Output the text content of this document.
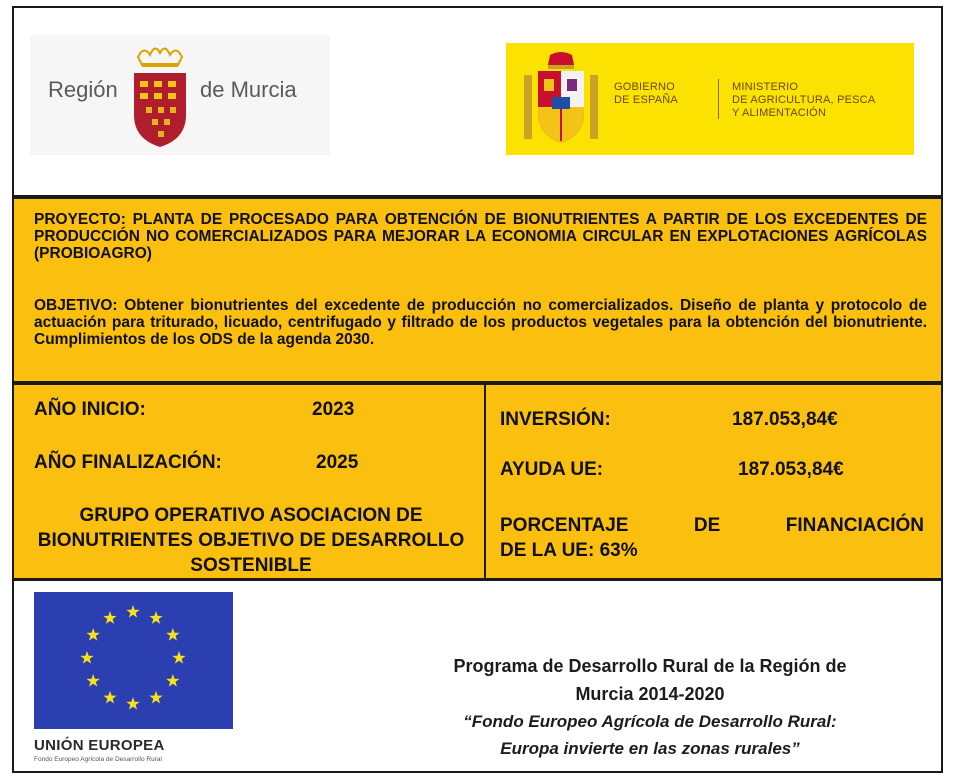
Región	de Murcia	GOBIERNO
DE ESPAÑA
MINISTERIO
DE AGRICULTURA, PESCA
Y ALIMENTACIÓN

PROYECTO: PLANTA DE PROCESADO PARA OBTENCIÓN DE BIONUTRIENTES A PARTIR DE LOS EXCEDENTES DE PRODUCCIÓN NO COMERCIALIZADOS PARA MEJORAR LA ECONOMIA CIRCULAR EN EXPLOTACIONES AGRÍCOLAS (PROBIOAGRO)

OBJETIVO: Obtener bionutrientes del excedente de producción no comercializados. Diseño de planta y protocolo de actuación para triturado, licuado, centrifugado y filtrado de los productos vegetales para la obtención del bionutriente. Cumplimientos de los ODS de la agenda 2030.

AÑO INICIO:	2023
AÑO FINALIZACIÓN:	2025

GRUPO OPERATIVO ASOCIACION DE BIONUTRIENTES OBJETIVO DE DESARROLLO SOSTENIBLE

INVERSIÓN:	187.053,84€
AYUDA UE:	187.053,84€

PORCENTAJE DE FINANCIACIÓN

DE LA UE: 63%
UNIÓN EUROPEA
Fondo Europeo Agrícola de Desarrollo Rural

Programa de Desarrollo Rural de la Región de

Murcia 2014-2020

“Fondo Europeo Agrícola de Desarrollo Rural:

Europa invierte en las zonas rurales”
